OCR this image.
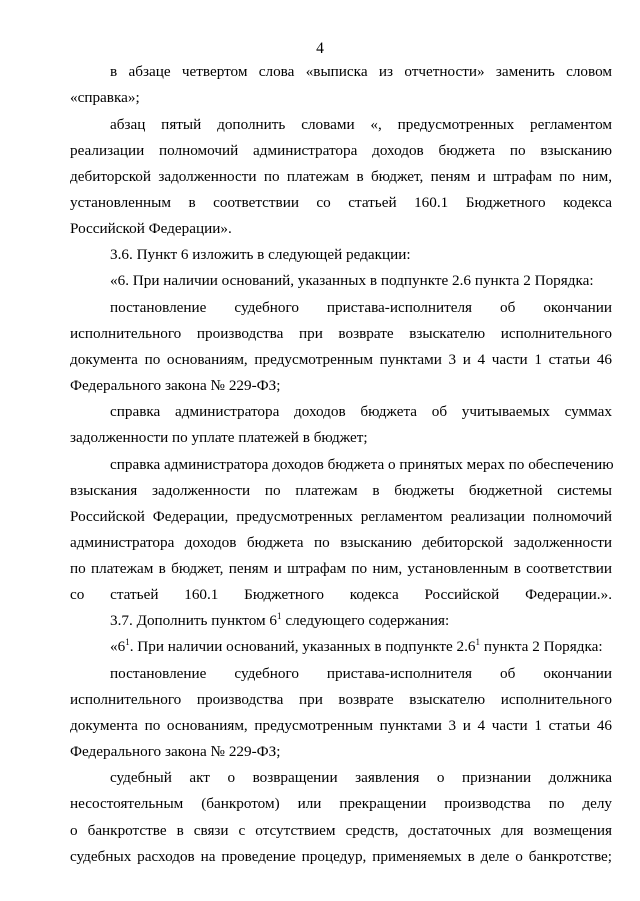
4
в абзаце четвертом слова «выписка из отчетности» заменить словом
«справка»;
абзац пятый дополнить словами «, предусмотренных регламентом
реализации полномочий администратора доходов бюджета по взысканию
дебиторской задолженности по платежам в бюджет, пеням и штрафам по ним,
установленным в соответствии со статьей 160.1 Бюджетного кодекса
Российской Федерации».
3.6. Пункт 6 изложить в следующей редакции:
«6. При наличии оснований, указанных в подпункте 2.6 пункта 2 Порядка:
постановление судебного пристава-исполнителя об окончании
исполнительного производства при возврате взыскателю исполнительного
документа по основаниям, предусмотренным пунктами 3 и 4 части 1 статьи 46
Федерального закона № 229-ФЗ;
справка администратора доходов бюджета об учитываемых суммах
задолженности по уплате платежей в бюджет;
справка администратора доходов бюджета о принятых мерах по обеспечению
взыскания задолженности по платежам в бюджеты бюджетной системы
Российской Федерации, предусмотренных регламентом реализации полномочий
администратора доходов бюджета по взысканию дебиторской задолженности
по платежам в бюджет, пеням и штрафам по ним, установленным в соответствии
со статьей 160.1 Бюджетного кодекса Российской Федерации.».
3.7. Дополнить пунктом $6^1$ следующего содержания:
«$6^1$. При наличии оснований, указанных в подпункте $2.6^1$ пункта 2 Порядка:
постановление судебного пристава-исполнителя об окончании
исполнительного производства при возврате взыскателю исполнительного
документа по основаниям, предусмотренным пунктами 3 и 4 части 1 статьи 46
Федерального закона № 229-ФЗ;
судебный акт о возвращении заявления о признании должника
несостоятельным (банкротом) или прекращении производства по делу
о банкротстве в связи с отсутствием средств, достаточных для возмещения
судебных расходов на проведение процедур, применяемых в деле о банкротстве;
